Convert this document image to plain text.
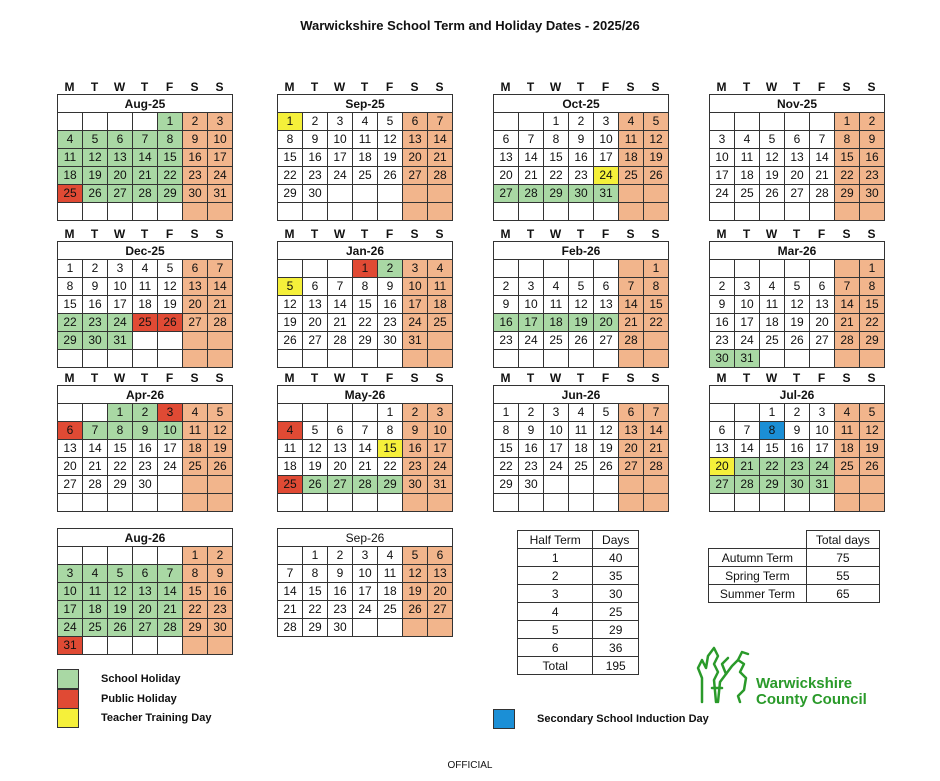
Warwickshire School Term and Holiday Dates - 2025/26
M	T	W	T	F	S	S
Aug-25						
				1	2	3
4	5	6	7	8	9	10
11	12	13	14	15	16	17
18	19	20	21	22	23	24
25	26	27	28	29	30	31

M	T	W	T	F	S	S
Sep-25						
1	2	3	4	5	6	7
8	9	10	11	12	13	14
15	16	17	18	19	20	21
22	23	24	25	26	27	28
29	30					

M	T	W	T	F	S	S
Oct-25						
		1	2	3	4	5
6	7	8	9	10	11	12
13	14	15	16	17	18	19
20	21	22	23	24	25	26
27	28	29	30	31		

M	T	W	T	F	S	S
Nov-25						
					1	2
3	4	5	6	7	8	9
10	11	12	13	14	15	16
17	18	19	20	21	22	23
24	25	26	27	28	29	30

M	T	W	T	F	S	S
Dec-25						
1	2	3	4	5	6	7
8	9	10	11	12	13	14
15	16	17	18	19	20	21
22	23	24	25	26	27	28
29	30	31				

M	T	W	T	F	S	S
Jan-26						
			1	2	3	4
5	6	7	8	9	10	11
12	13	14	15	16	17	18
19	20	21	22	23	24	25
26	27	28	29	30	31	

M	T	W	T	F	S	S
Feb-26						
						1
2	3	4	5	6	7	8
9	10	11	12	13	14	15
16	17	18	19	20	21	22
23	24	25	26	27	28	

M	T	W	T	F	S	S
Mar-26						
						1
2	3	4	5	6	7	8
9	10	11	12	13	14	15
16	17	18	19	20	21	22
23	24	25	26	27	28	29
30	31					
M	T	W	T	F	S	S
Apr-26						
		1	2	3	4	5
6	7	8	9	10	11	12
13	14	15	16	17	18	19
20	21	22	23	24	25	26
27	28	29	30			

M	T	W	T	F	S	S
May-26						
				1	2	3
4	5	6	7	8	9	10
11	12	13	14	15	16	17
18	19	20	21	22	23	24
25	26	27	28	29	30	31

M	T	W	T	F	S	S
Jun-26						
1	2	3	4	5	6	7
8	9	10	11	12	13	14
15	16	17	18	19	20	21
22	23	24	25	26	27	28
29	30					

M	T	W	T	F	S	S
Jul-26						
		1	2	3	4	5
6	7	8	9	10	11	12
13	14	15	16	17	18	19
20	21	22	23	24	25	26
27	28	29	30	31		

Aug-26						
					1	2
3	4	5	6	7	8	9
10	11	12	13	14	15	16
17	18	19	20	21	22	23
24	25	26	27	28	29	30
31						
Sep-26						
	1	2	3	4	5	6
7	8	9	10	11	12	13
14	15	16	17	18	19	20
21	22	23	24	25	26	27
28	29	30				
Half Term	Days
1	40
2	35
3	30
4	25
5	29
6	36
Total	195
	Total days
Autumn Term	75
Spring Term	55
Summer Term	65
School Holiday
Public Holiday
Teacher Training Day	Secondary School Induction Day
Warwickshire
County Council
OFFICIAL
